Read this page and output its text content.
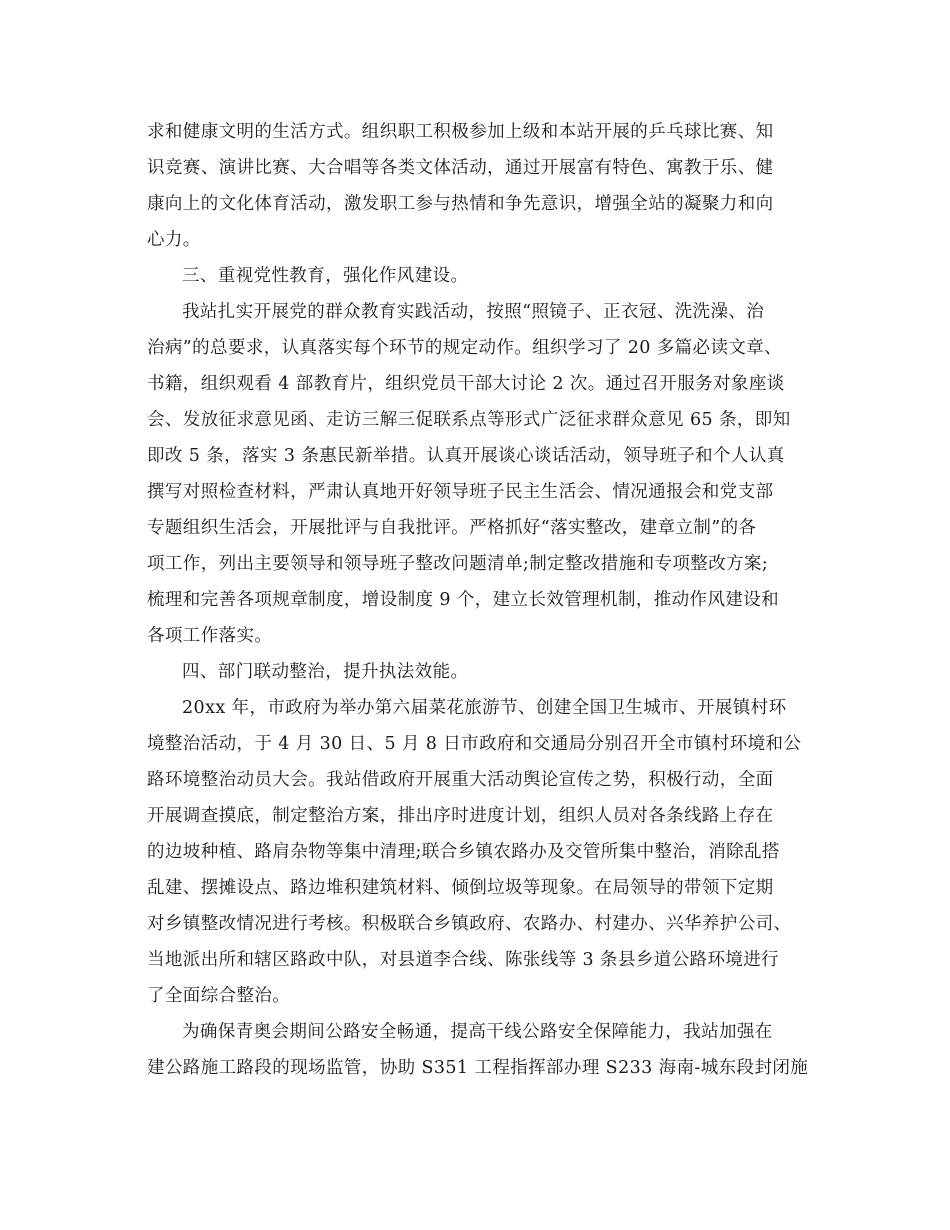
求和健康文明的生活方式。组织职工积极参加上级和本站开展的乒乓球比赛、知
识竞赛、演讲比赛、大合唱等各类文体活动，通过开展富有特色、寓教于乐、健
康向上的文化体育活动，激发职工参与热情和争先意识，增强全站的凝聚力和向
心力。
三、重视党性教育，强化作风建设。
我站扎实开展党的群众教育实践活动，按照“照镜子、正衣冠、洗洗澡、治
治病”的总要求，认真落实每个环节的规定动作。组织学习了 20 多篇必读文章、
书籍，组织观看 4 部教育片，组织党员干部大讨论 2 次。通过召开服务对象座谈
会、发放征求意见函、走访三解三促联系点等形式广泛征求群众意见 65 条，即知
即改 5 条，落实 3 条惠民新举措。认真开展谈心谈话活动，领导班子和个人认真
撰写对照检查材料，严肃认真地开好领导班子民主生活会、情况通报会和党支部
专题组织生活会，开展批评与自我批评。严格抓好“落实整改，建章立制”的各
项工作，列出主要领导和领导班子整改问题清单;制定整改措施和专项整改方案;
梳理和完善各项规章制度，增设制度 9 个，建立长效管理机制，推动作风建设和
各项工作落实。
四、部门联动整治，提升执法效能。
20xx 年，市政府为举办第六届菜花旅游节、创建全国卫生城市、开展镇村环
境整治活动，于 4 月 30 日、5 月 8 日市政府和交通局分别召开全市镇村环境和公
路环境整治动员大会。我站借政府开展重大活动舆论宣传之势，积极行动，全面
开展调查摸底，制定整治方案，排出序时进度计划，组织人员对各条线路上存在
的边坡种植、路肩杂物等集中清理;联合乡镇农路办及交管所集中整治，消除乱搭
乱建、摆摊设点、路边堆积建筑材料、倾倒垃圾等现象。在局领导的带领下定期
对乡镇整改情况进行考核。积极联合乡镇政府、农路办、村建办、兴华养护公司、
当地派出所和辖区路政中队，对县道李合线、陈张线等 3 条县乡道公路环境进行
了全面综合整治。
为确保青奥会期间公路安全畅通，提高干线公路安全保障能力，我站加强在
建公路施工路段的现场监管，协助 S351 工程指挥部办理 S233 海南-城东段封闭施
